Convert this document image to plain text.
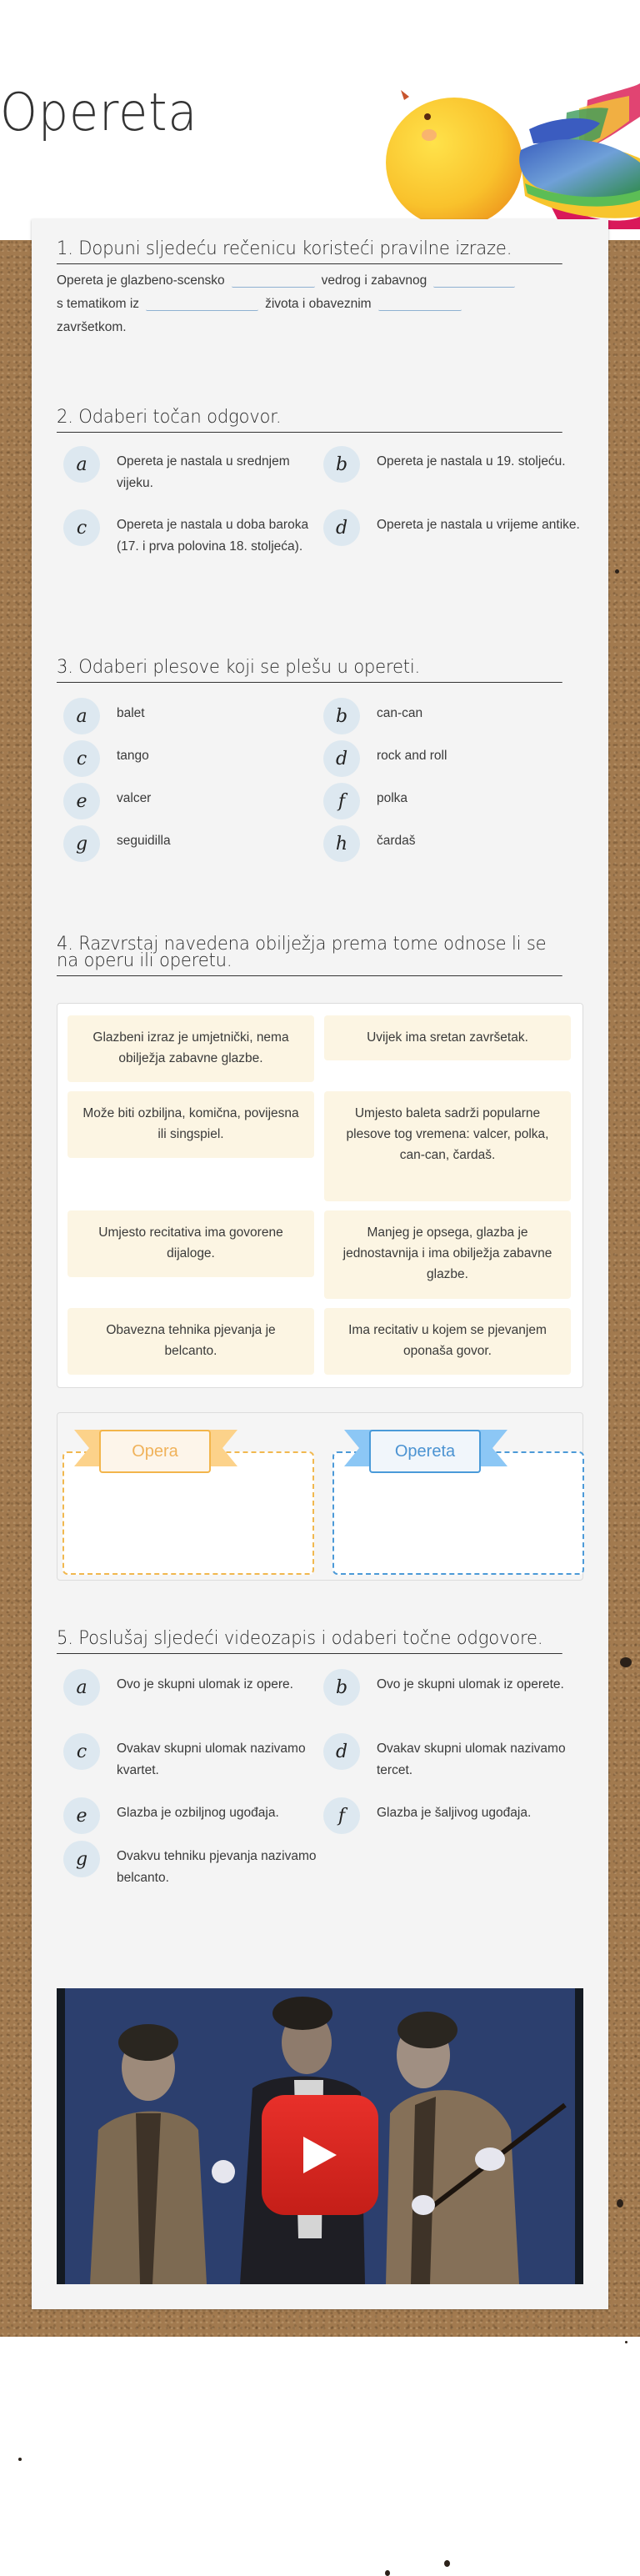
Opereta
1. Dopuni sljedeću rečenicu koristeći pravilne izraze.
Opereta je glazbeno-scensko	vedrog i zabavnog
s tematikom iz	života i obaveznim
završetkom.
2. Odaberi točan odgovor.
a	Opereta je nastala u srednjem vijeku.
b	Opereta je nastala u 19. stoljeću.
c	Opereta je nastala u doba baroka (17. i prva polovina 18. stoljeća).
d	Opereta je nastala u vrijeme antike.
3. Odaberi plesove koji se plešu u opereti.
a	balet	b	can-can
c	tango	d	rock and roll
e	valcer	f	polka
g	seguidilla	h	čardaš
4. Razvrstaj navedena obilježja prema tome odnose li se na operu ili operetu.
Glazbeni izraz je umjetnički, nema obilježja zabavne glazbe.
Uvijek ima sretan završetak.
Može biti ozbiljna, komična, povijesna ili singspiel.
Umjesto baleta sadrži popularne plesove tog vremena: valcer, polka, can-can, čardaš.
Umjesto recitativa ima govorene dijaloge.
Manjeg je opsega, glazba je jednostavnija i ima obilježja zabavne glazbe.
Obavezna tehnika pjevanja je belcanto.
Ima recitativ u kojem se pjevanjem oponaša govor.
Opera	Opereta
5. Poslušaj sljedeći videozapis i odaberi točne odgovore.
a	Ovo je skupni ulomak iz opere.	b	Ovo je skupni ulomak iz operete.
c	Ovakav skupni ulomak nazivamo kvartet.
d	Ovakav skupni ulomak nazivamo tercet.
e	Glazba je ozbiljnog ugođaja.	f	Glazba je šaljivog ugođaja.
g	Ovakvu tehniku pjevanja nazivamo belcanto.
